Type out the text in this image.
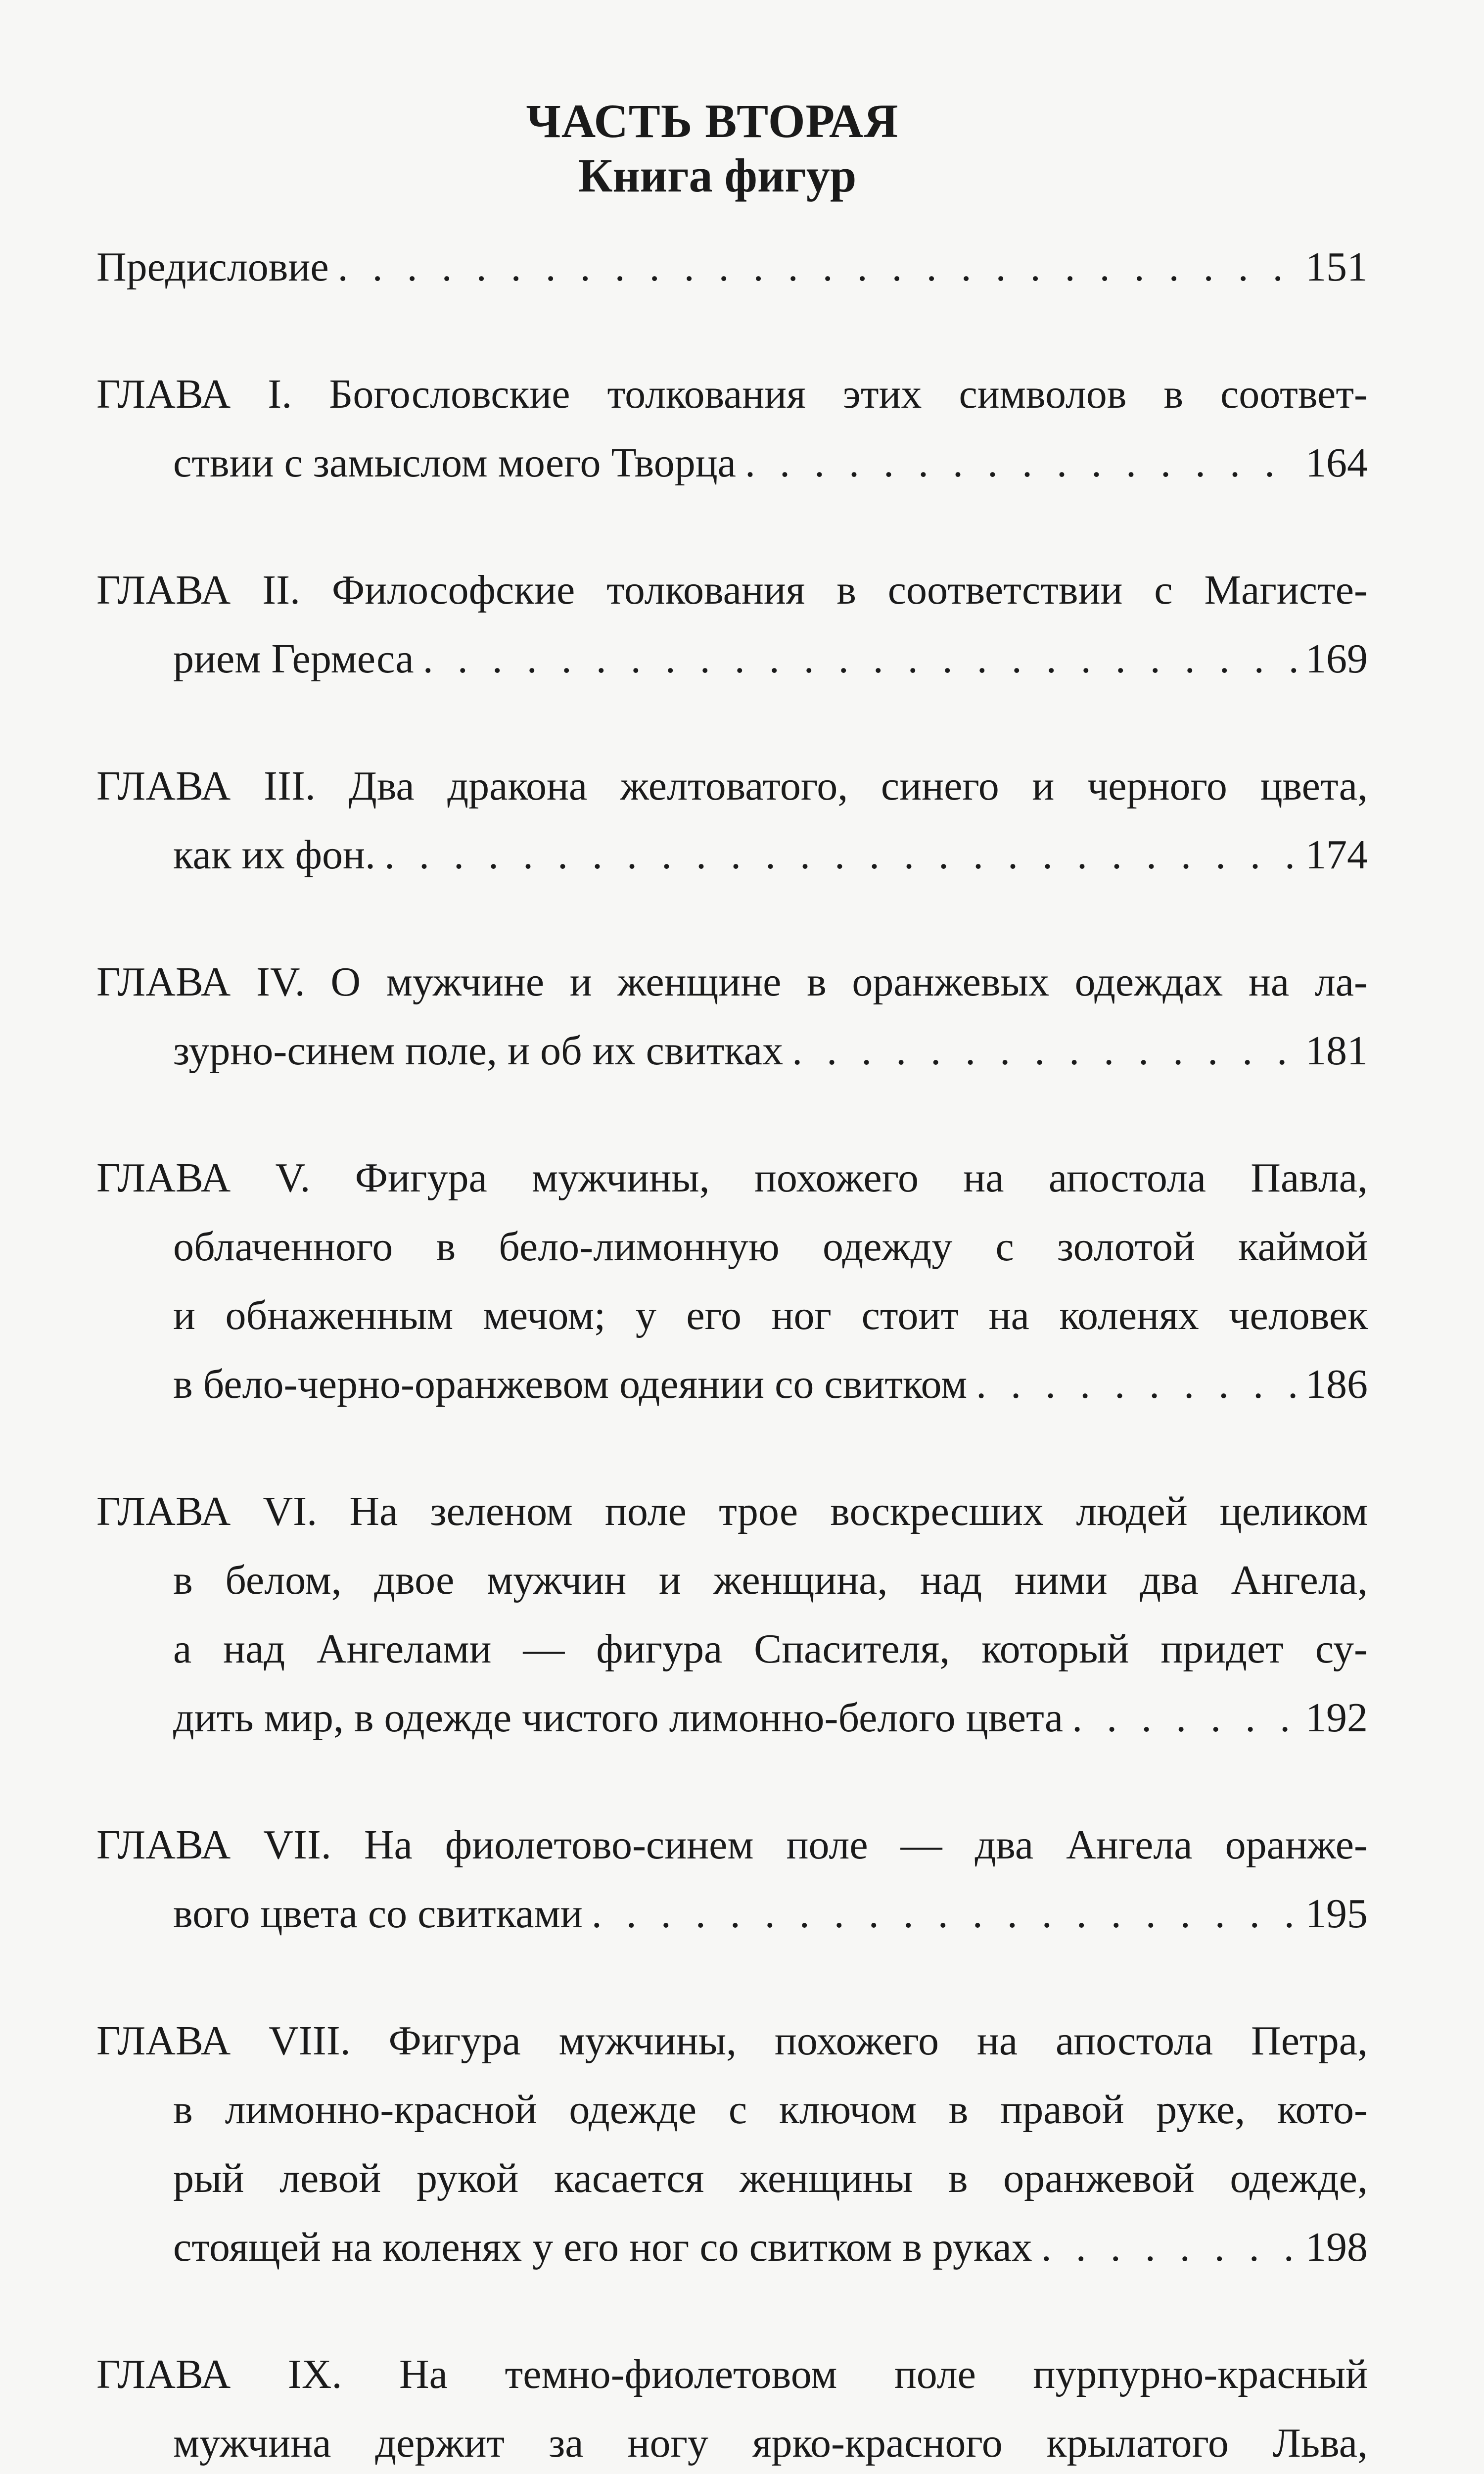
ЧАСТЬ ВТОРАЯ
Книга фигур
Предисловие . . .	151
ГЛАВА I. Богословские толкования этих символов в соответ-
ствии с замыслом моего Творца . . .	164
ГЛАВА II. Философские толкования в соответствии с Магисте-
рием Гермеса . . .	169
ГЛАВА III. Два дракона желтоватого, синего и черного цвета,
как их фон. . . .	174
ГЛАВА IV. О мужчине и женщине в оранжевых одеждах на ла-
зурно-синем поле, и об их свитках . . .	181
ГЛАВА V. Фигура мужчины, похожего на апостола Павла,
облаченного в бело-лимонную одежду с золотой каймой
и обнаженным мечом; у его ног стоит на коленях человек
в бело-черно-оранжевом одеянии со свитком . . .	186
ГЛАВА VI. На зеленом поле трое воскресших людей целиком
в белом, двое мужчин и женщина, над ними два Ангела,
а над Ангелами — фигура Спасителя, который придет су-
дить мир, в одежде чистого лимонно-белого цвета . . .	192
ГЛАВА VII. На фиолетово-синем поле — два Ангела оранже-
вого цвета со свитками . . .	195
ГЛАВА VIII. Фигура мужчины, похожего на апостола Петра,
в лимонно-красной одежде с ключом в правой руке, кото-
рый левой рукой касается женщины в оранжевой одежде,
стоящей на коленях у его ног со свитком в руках . . .	198
ГЛАВА IX. На темно-фиолетовом поле пурпурно-красный
мужчина держит за ногу ярко-красного крылатого Льва,
